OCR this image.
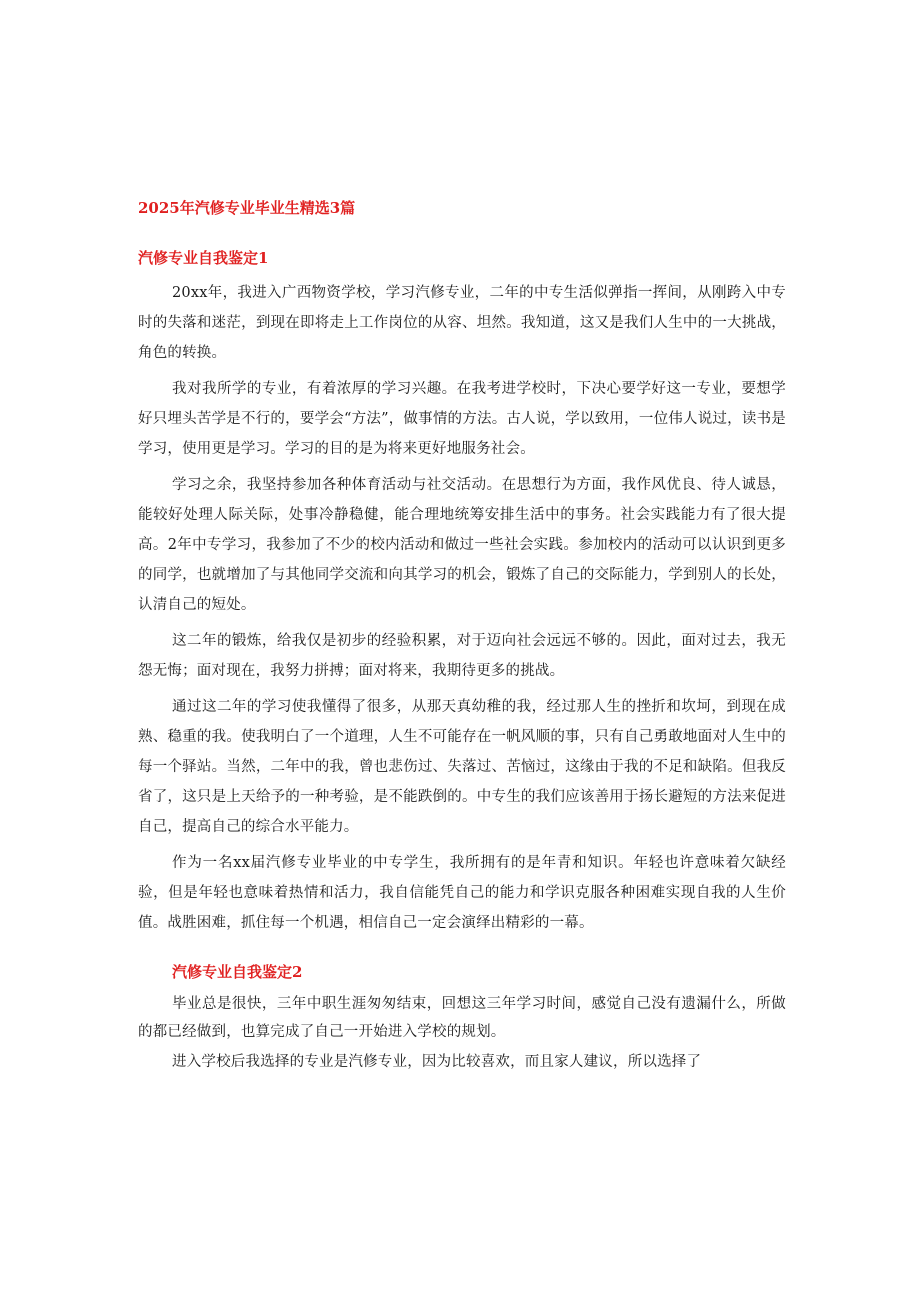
2025年汽修专业毕业生精选3篇
汽修专业自我鉴定1

20xx年，我进入广西物资学校，学习汽修专业，二年的中专生活似弹指一挥间，从刚跨入中专时的失落和迷茫，到现在即将走上工作岗位的从容、坦然。我知道，这又是我们人生中的一大挑战，角色的转换。

我对我所学的专业，有着浓厚的学习兴趣。在我考进学校时，下决心要学好这一专业，要想学好只埋头苦学是不行的，要学会“方法”，做事情的方法。古人说，学以致用，一位伟人说过，读书是学习，使用更是学习。学习的目的是为将来更好地服务社会。

学习之余，我坚持参加各种体育活动与社交活动。在思想行为方面，我作风优良、待人诚恳，能较好处理人际关际，处事冷静稳健，能合理地统筹安排生活中的事务。社会实践能力有了很大提高。2年中专学习，我参加了不少的校内活动和做过一些社会实践。参加校内的活动可以认识到更多的同学，也就增加了与其他同学交流和向其学习的机会，锻炼了自己的交际能力，学到别人的长处，认清自己的短处。

这二年的锻炼，给我仅是初步的经验积累，对于迈向社会远远不够的。因此，面对过去，我无怨无悔；面对现在，我努力拼搏；面对将来，我期待更多的挑战。

通过这二年的学习使我懂得了很多，从那天真幼稚的我，经过那人生的挫折和坎坷，到现在成熟、稳重的我。使我明白了一个道理，人生不可能存在一帆风顺的事，只有自己勇敢地面对人生中的每一个驿站。当然，二年中的我，曾也悲伤过、失落过、苦恼过，这缘由于我的不足和缺陷。但我反省了，这只是上天给予的一种考验，是不能跌倒的。中专生的我们应该善用于扬长避短的方法来促进自己，提高自己的综合水平能力。

作为一名xx届汽修专业毕业的中专学生，我所拥有的是年青和知识。年轻也许意味着欠缺经验，但是年轻也意味着热情和活力，我自信能凭自己的能力和学识克服各种困难实现自我的人生价值。战胜困难，抓住每一个机遇，相信自己一定会演绎出精彩的一幕。

汽修专业自我鉴定2

毕业总是很快，三年中职生涯匆匆结束，回想这三年学习时间，感觉自己没有遗漏什么，所做的都已经做到，也算完成了自己一开始进入学校的规划。

进入学校后我选择的专业是汽修专业，因为比较喜欢，而且家人建议，所以选择了
